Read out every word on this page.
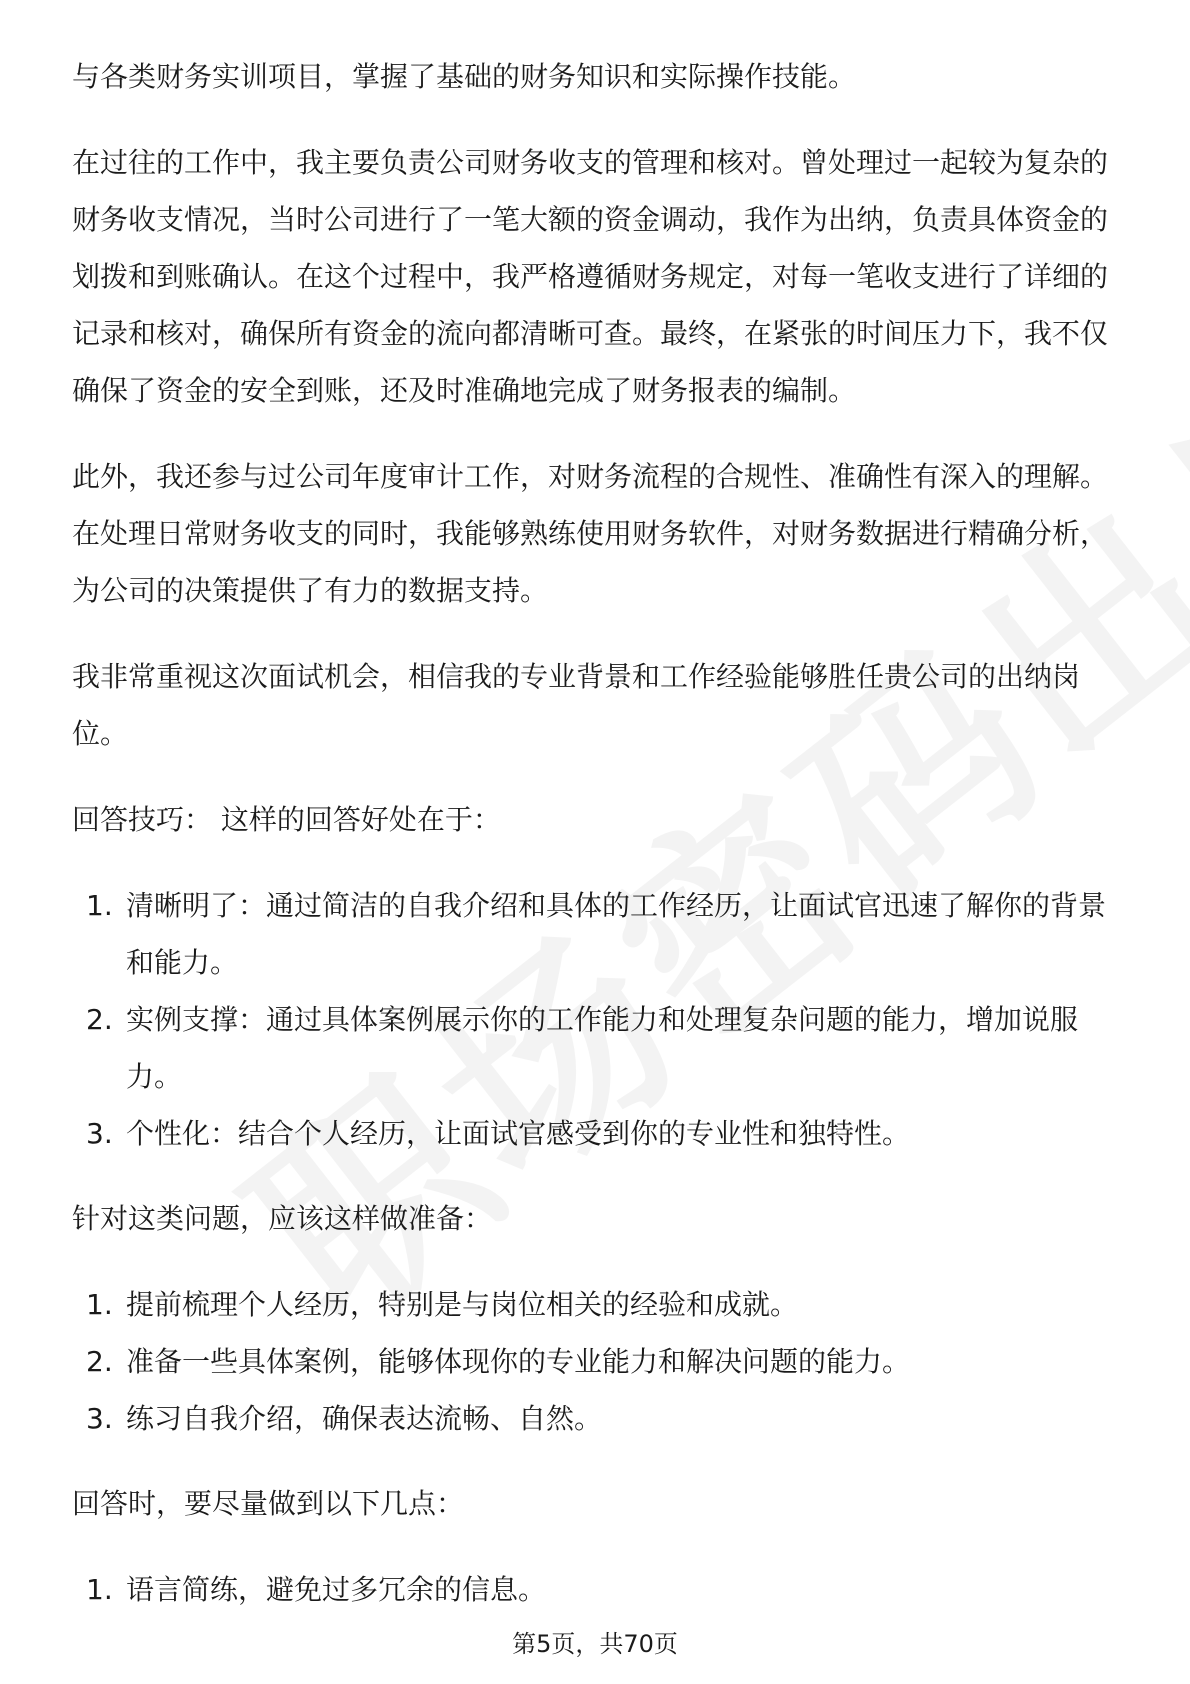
与各类财务实训项目，掌握了基础的财务知识和实际操作技能。

在过往的工作中，我主要负责公司财务收支的管理和核对。曾处理过一起较为复杂的财务收支情况，当时公司进行了一笔大额的资金调动，我作为出纳，负责具体资金的划拨和到账确认。在这个过程中，我严格遵循财务规定，对每一笔收支进行了详细的记录和核对，确保所有资金的流向都清晰可查。最终，在紧张的时间压力下，我不仅确保了资金的安全到账，还及时准确地完成了财务报表的编制。

此外，我还参与过公司年度审计工作，对财务流程的合规性、准确性有深入的理解。在处理日常财务收支的同时，我能够熟练使用财务软件，对财务数据进行精确分析，为公司的决策提供了有力的数据支持。

我非常重视这次面试机会，相信我的专业背景和工作经验能够胜任贵公司的出纳岗位。

回答技巧： 这样的回答好处在于：

1. 清晰明了：通过简洁的自我介绍和具体的工作经历，让面试官迅速了解你的背景和能力。
2. 实例支撑：通过具体案例展示你的工作能力和处理复杂问题的能力，增加说服力。
3. 个性化：结合个人经历，让面试官感受到你的专业性和独特性。

针对这类问题，应该这样做准备：

1. 提前梳理个人经历，特别是与岗位相关的经验和成就。
2. 准备一些具体案例，能够体现你的专业能力和解决问题的能力。
3. 练习自我介绍，确保表达流畅、自然。

回答时，要尽量做到以下几点：

1. 语言简练，避免过多冗余的信息。
第5页，共70页
